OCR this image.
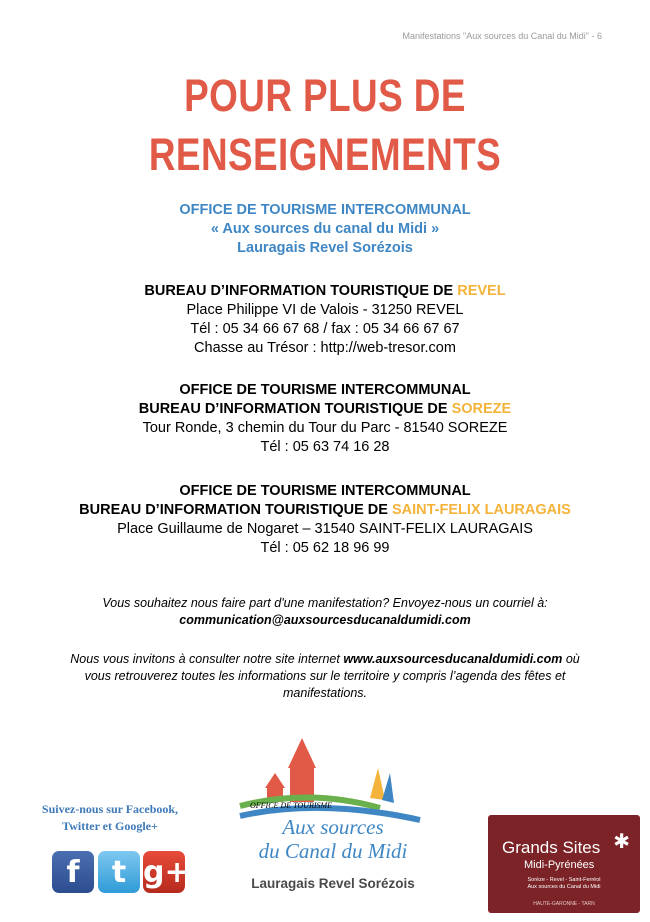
Manifestations "Aux sources du Canal du Midi" - 6
POUR PLUS DE
RENSEIGNEMENTS
OFFICE DE TOURISME INTERCOMMUNAL
« Aux sources du canal du Midi »
Lauragais Revel Sorézois
BUREAU D’INFORMATION TOURISTIQUE DE REVEL
Place Philippe VI de Valois - 31250 REVEL
Tél : 05 34 66 67 68 / fax : 05 34 66 67 67
Chasse au Trésor : http://web-tresor.com
OFFICE DE TOURISME INTERCOMMUNAL
BUREAU D’INFORMATION TOURISTIQUE DE SOREZE
Tour Ronde, 3 chemin du Tour du Parc - 81540 SOREZE
Tél : 05 63 74 16 28
OFFICE DE TOURISME INTERCOMMUNAL
BUREAU D’INFORMATION TOURISTIQUE DE SAINT-FELIX LAURAGAIS
Place Guillaume de Nogaret – 31540 SAINT-FELIX LAURAGAIS
Tél : 05 62 18 96 99
Vous souhaitez nous faire part d'une manifestation? Envoyez-nous un courriel à:
communication@auxsourcesducanaldumidi.com
Nous vous invitons à consulter notre site internet www.auxsourcesducanaldumidi.com où
vous retrouverez toutes les informations sur le territoire y compris l’agenda des fêtes et
manifestations.
Suivez-nous sur Facebook,
Twitter et Google+
f	t g+
OFFICE DE TOURISME
Aux sources
du Canal du Midi
Lauragais Revel Sorézois
✱
Grands Sites
Midi-Pyrénées
Sorèze - Revel - Saint-Ferréol
Aux sources du Canal du Midi
HAUTE-GARONNE - TARN
